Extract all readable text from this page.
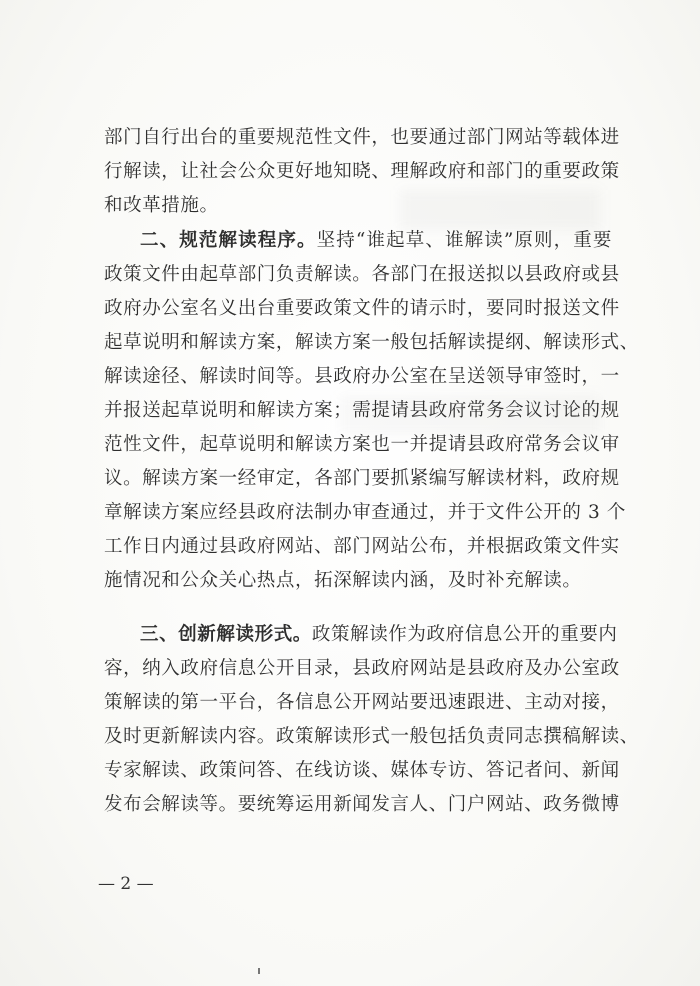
部门自行出台的重要规范性文件，也要通过部门网站等载体进
行解读，让社会公众更好地知晓、理解政府和部门的重要政策
和改革措施。
二、规范解读程序。坚持“谁起草、谁解读”原则，重要
政策文件由起草部门负责解读。各部门在报送拟以县政府或县
政府办公室名义出台重要政策文件的请示时，要同时报送文件
起草说明和解读方案，解读方案一般包括解读提纲、解读形式、
解读途径、解读时间等。县政府办公室在呈送领导审签时，一
并报送起草说明和解读方案；需提请县政府常务会议讨论的规
范性文件，起草说明和解读方案也一并提请县政府常务会议审
议。解读方案一经审定，各部门要抓紧编写解读材料，政府规
章解读方案应经县政府法制办审查通过，并于文件公开的 3 个
工作日内通过县政府网站、部门网站公布，并根据政策文件实
施情况和公众关心热点，拓深解读内涵，及时补充解读。
三、创新解读形式。政策解读作为政府信息公开的重要内
容，纳入政府信息公开目录，县政府网站是县政府及办公室政
策解读的第一平台，各信息公开网站要迅速跟进、主动对接，
及时更新解读内容。政策解读形式一般包括负责同志撰稿解读、
专家解读、政策问答、在线访谈、媒体专访、答记者问、新闻
发布会解读等。要统筹运用新闻发言人、门户网站、政务微博
— 2 —
